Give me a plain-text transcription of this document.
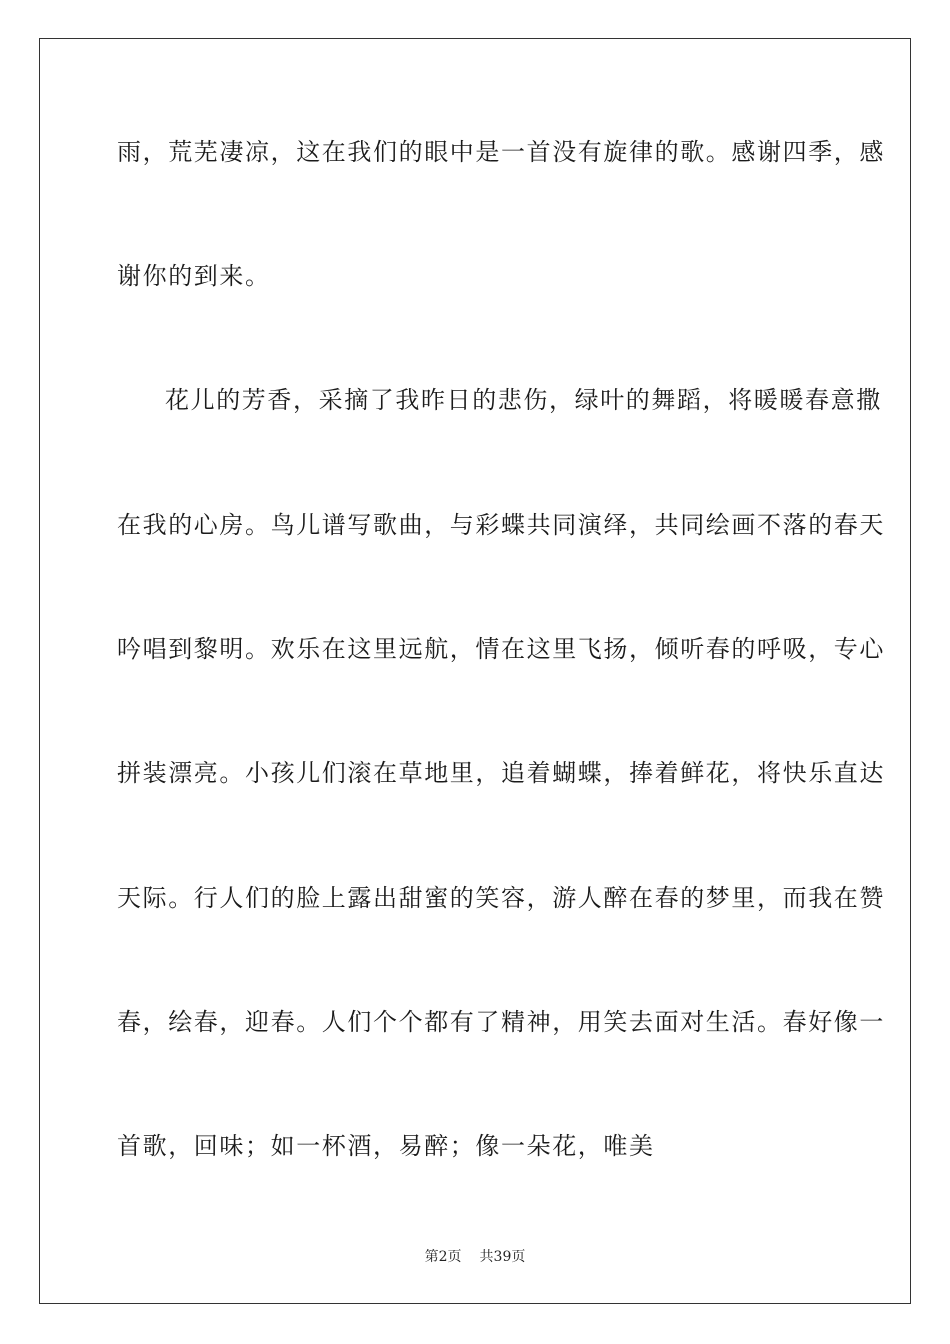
雨，荒芜凄凉，这在我们的眼中是一首没有旋律的歌。感谢四季，感
谢你的到来。
花儿的芳香，采摘了我昨日的悲伤，绿叶的舞蹈，将暖暖春意撒
在我的心房。鸟儿谱写歌曲，与彩蝶共同演绎，共同绘画不落的春天
吟唱到黎明。欢乐在这里远航，情在这里飞扬，倾听春的呼吸，专心
拼装漂亮。小孩儿们滚在草地里，追着蝴蝶，捧着鲜花，将快乐直达
天际。行人们的脸上露出甜蜜的笑容，游人醉在春的梦里，而我在赞
春，绘春，迎春。人们个个都有了精神，用笑去面对生活。春好像一
首歌，回味；如一杯酒，易醉；像一朵花，唯美
第2页 共39页
